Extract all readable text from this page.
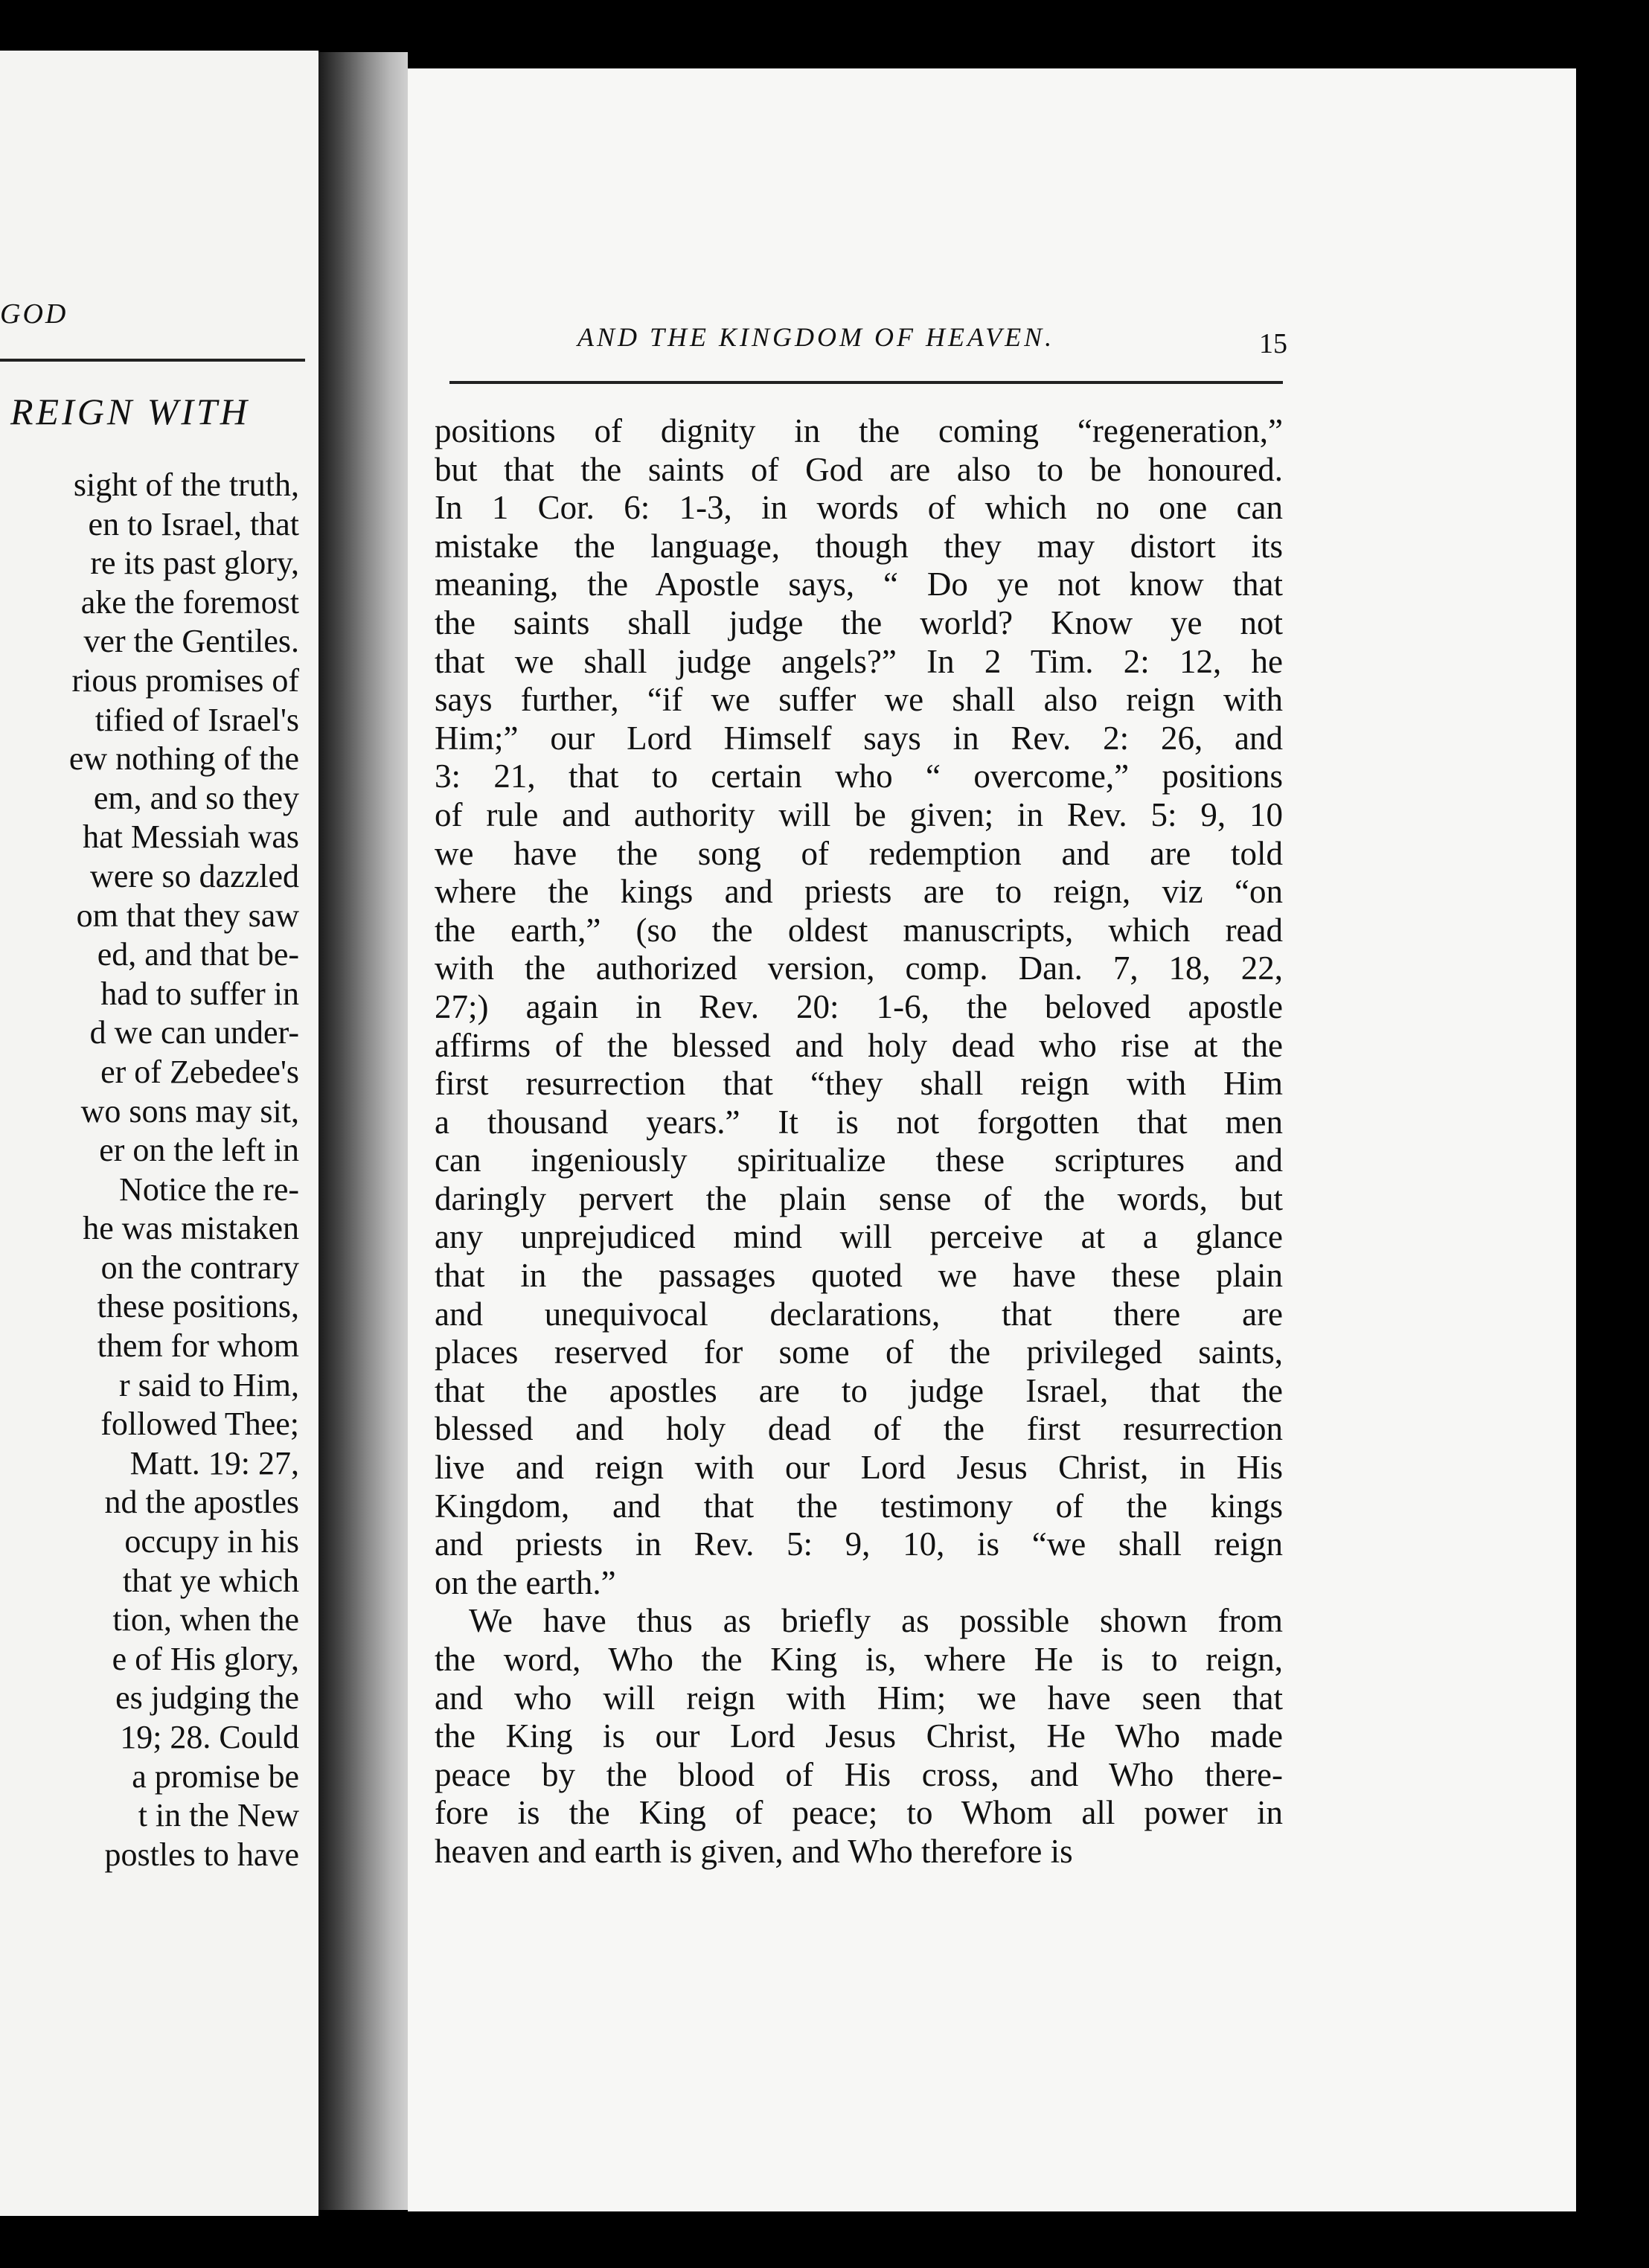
GOD
REIGN WITH
sight of the truth,
en to Israel, that
re its past glory,
ake the foremost
ver the Gentiles.
rious promises of
tified of Israel's
ew nothing of the
em, and so they
hat Messiah was
were so dazzled
om that they saw
ed, and that be-
had to suffer in
d we can under-
er of Zebedee's
wo sons may sit,
er on the left in
Notice the re-
he was mistaken
on the contrary
these positions,
them for whom
r said to Him,
followed Thee;
Matt. 19: 27,
nd the apostles
occupy in his
that ye which
tion, when the
e of His glory,
es judging the
19; 28. Could
a promise be
t in the New
postles to have
AND THE KINGDOM OF HEAVEN.	15
positions of dignity in the coming “regeneration,”
but that the saints of God are also to be honoured.
In 1 Cor. 6: 1-3, in words of which no one can
mistake the language, though they may distort its
meaning, the Apostle says, “ Do ye not know that
the saints shall judge the world? Know ye not
that we shall judge angels?” In 2 Tim. 2: 12, he
says further, “if we suffer we shall also reign with
Him;” our Lord Himself says in Rev. 2: 26, and
3: 21, that to certain who “ overcome,” positions
of rule and authority will be given; in Rev. 5: 9, 10
we have the song of redemption and are told
where the kings and priests are to reign, viz “on
the earth,” (so the oldest manuscripts, which read
with the authorized version, comp. Dan. 7, 18, 22,
27;) again in Rev. 20: 1-6, the beloved apostle
affirms of the blessed and holy dead who rise at the
first resurrection that “they shall reign with Him
a thousand years.” It is not forgotten that men
can ingeniously spiritualize these scriptures and
daringly pervert the plain sense of the words, but
any unprejudiced mind will perceive at a glance
that in the passages quoted we have these plain
and unequivocal declarations, that there are
places reserved for some of the privileged saints,
that the apostles are to judge Israel, that the
blessed and holy dead of the first resurrection
live and reign with our Lord Jesus Christ, in His
Kingdom, and that the testimony of the kings
and priests in Rev. 5: 9, 10, is “we shall reign
on the earth.”
We have thus as briefly as possible shown from
the word, Who the King is, where He is to reign,
and who will reign with Him; we have seen that
the King is our Lord Jesus Christ, He Who made
peace by the blood of His cross, and Who there-
fore is the King of peace; to Whom all power in
heaven and earth is given, and Who therefore is
